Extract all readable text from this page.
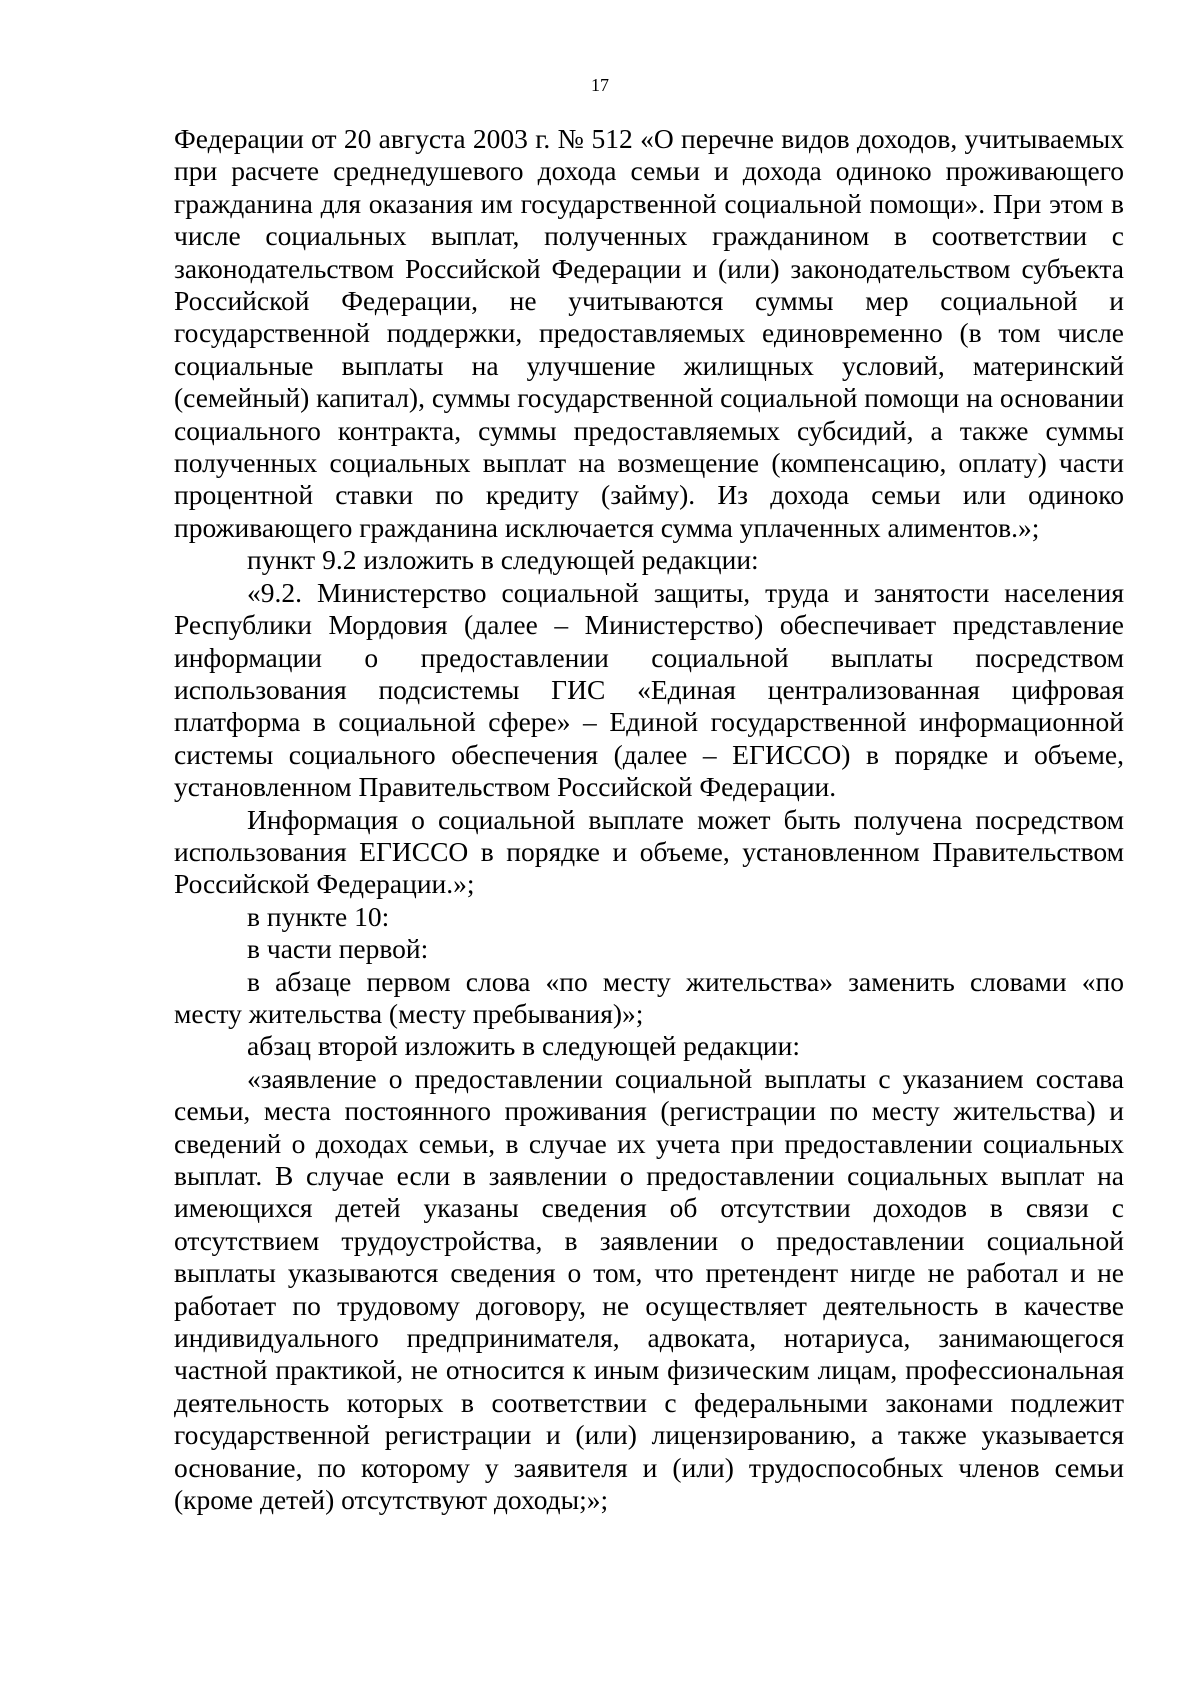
17

Федерации от 20 августа 2003 г. № 512 «О перечне видов доходов, учитываемых при расчете среднедушевого дохода семьи и дохода одиноко проживающего гражданина для оказания им государственной социальной помощи». При этом в числе социальных выплат, полученных гражданином в соответствии с законодательством Российской Федерации и (или) законодательством субъекта Российской Федерации, не учитываются суммы мер социальной и государственной поддержки, предоставляемых единовременно (в том числе социальные выплаты на улучшение жилищных условий, материнский (семейный) капитал), суммы государственной социальной помощи на основании социального контракта, суммы предоставляемых субсидий, а также суммы полученных социальных выплат на возмещение (компенсацию, оплату) части процентной ставки по кредиту (займу). Из дохода семьи или одиноко проживающего гражданина исключается сумма уплаченных алиментов.»;

пункт 9.2 изложить в следующей редакции:

«9.2. Министерство социальной защиты, труда и занятости населения Республики Мордовия (далее – Министерство) обеспечивает представление информации о предоставлении социальной выплаты посредством использования подсистемы ГИС «Единая централизованная цифровая платформа в социальной сфере» – Единой государственной информационной системы социального обеспечения (далее – ЕГИССО) в порядке и объеме, установленном Правительством Российской Федерации.

Информация о социальной выплате может быть получена посредством использования ЕГИССО в порядке и объеме, установленном Правительством Российской Федерации.»;

в пункте 10:

в части первой:

в абзаце первом слова «по месту жительства» заменить словами «по месту жительства (месту пребывания)»;

абзац второй изложить в следующей редакции:

«заявление о предоставлении социальной выплаты с указанием состава семьи, места постоянного проживания (регистрации по месту жительства) и сведений о доходах семьи, в случае их учета при предоставлении социальных выплат. В случае если в заявлении о предоставлении социальных выплат на имеющихся детей указаны сведения об отсутствии доходов в связи с отсутствием трудоустройства, в заявлении о предоставлении социальной выплаты указываются сведения о том, что претендент нигде не работал и не работает по трудовому договору, не осуществляет деятельность в качестве индивидуального предпринимателя, адвоката, нотариуса, занимающегося частной практикой, не относится к иным физическим лицам, профессиональная деятельность которых в соответствии с федеральными законами подлежит государственной регистрации и (или) лицензированию, а также указывается основание, по которому у заявителя и (или) трудоспособных членов семьи (кроме детей) отсутствуют доходы;»;
